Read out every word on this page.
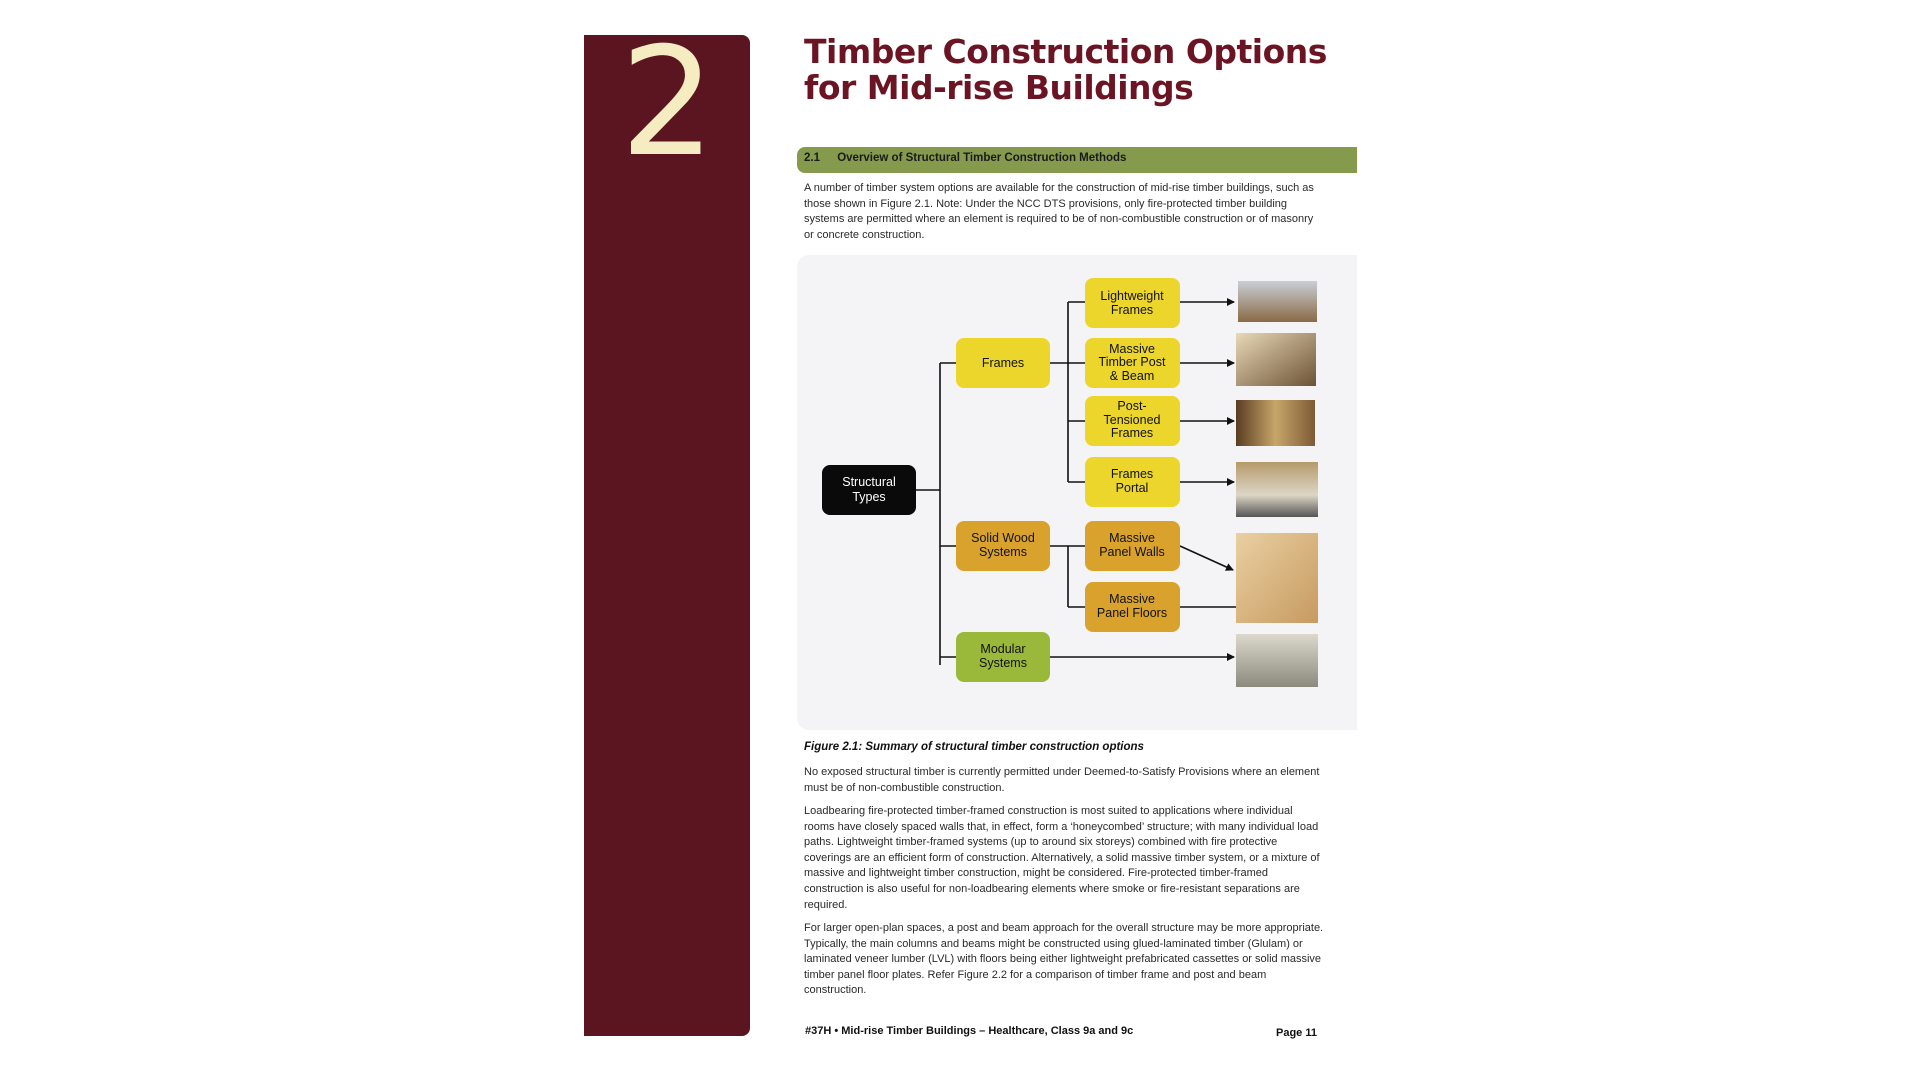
2	Timber Construction Options
for Mid-rise Buildings
2.1 Overview of Structural Timber Construction Methods

A number of timber system options are available for the construction of mid-rise timber buildings, such as those shown in Figure 2.1. Note: Under the NCC DTS provisions, only fire-protected timber building systems are permitted where an element is required to be of non-combustible construction or of masonry or concrete construction.

Structural
Types
Frames
Solid Wood
Systems
Modular
Systems
Lightweight
Frames
Massive
Timber Post
& Beam
Post-
Tensioned
Frames
Frames
Portal
Massive
Panel Walls
Massive
Panel Floors
Figure 2.1: Summary of structural timber construction options

No exposed structural timber is currently permitted under Deemed-to-Satisfy Provisions where an element must be of non-combustible construction.

Loadbearing fire-protected timber-framed construction is most suited to applications where individual rooms have closely spaced walls that, in effect, form a ‘honeycombed’ structure; with many individual load paths. Lightweight timber-framed systems (up to around six storeys) combined with fire protective coverings are an efficient form of construction. Alternatively, a solid massive timber system, or a mixture of massive and lightweight timber construction, might be considered. Fire-protected timber-framed construction is also useful for non-loadbearing elements where smoke or fire-resistant separations are required.

For larger open-plan spaces, a post and beam approach for the overall structure may be more appropriate. Typically, the main columns and beams might be constructed using glued-laminated timber (Glulam) or laminated veneer lumber (LVL) with floors being either lightweight prefabricated cassettes or solid massive timber panel floor plates. Refer Figure 2.2 for a comparison of timber frame and post and beam construction.

#37H • Mid-rise Timber Buildings – Healthcare, Class 9a and 9c	Page 11
